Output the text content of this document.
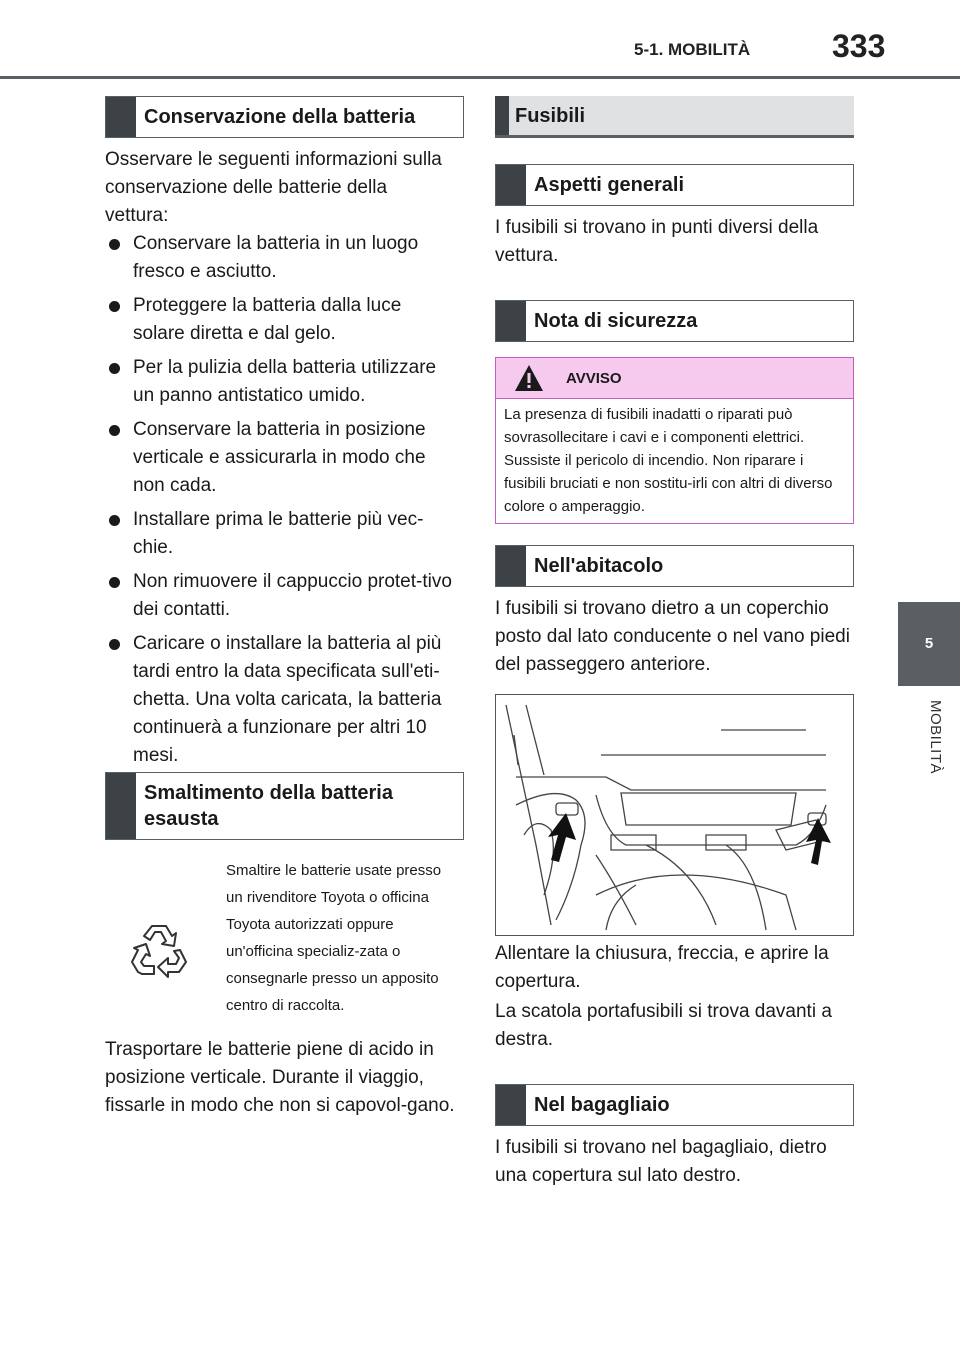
5-1. MOBILITÀ	333
5
MOBILITÀ
Conservazione della batteria
Osservare le seguenti informazioni sulla conservazione delle batterie della vettura:
Conservare la batteria in un luogo fresco e asciutto.
Proteggere la batteria dalla luce solare diretta e dal gelo.
Per la pulizia della batteria utilizzare un panno antistatico umido.
Conservare la batteria in posizione verticale e assicurarla in modo che non cada.
Installare prima le batterie più vec-chie.
Non rimuovere il cappuccio protet-tivo dei contatti.
Caricare o installare la batteria al più tardi entro la data specificata sull'eti-chetta. Una volta caricata, la batteria continuerà a funzionare per altri 10 mesi.
Smaltimento della batteria esausta
Smaltire le batterie usate presso un rivenditore Toyota o officina Toyota autorizzati oppure un'officina specializ-zata o consegnarle presso un apposito centro di raccolta.
Trasportare le batterie piene di acido in posizione verticale. Durante il viaggio, fissarle in modo che non si capovol-gano.
Fusibili
Aspetti generali
I fusibili si trovano in punti diversi della vettura.
Nota di sicurezza
AVVISO
La presenza di fusibili inadatti o riparati può sovrasollecitare i cavi e i componenti elettrici. Sussiste il pericolo di incendio. Non riparare i fusibili bruciati e non sostitu-irli con altri di diverso colore o amperaggio.
Nell'abitacolo
I fusibili si trovano dietro a un coperchio posto dal lato conducente o nel vano piedi del passeggero anteriore.
Allentare la chiusura, freccia, e aprire la copertura.
La scatola portafusibili si trova davanti a destra.
Nel bagagliaio
I fusibili si trovano nel bagagliaio, dietro una copertura sul lato destro.
